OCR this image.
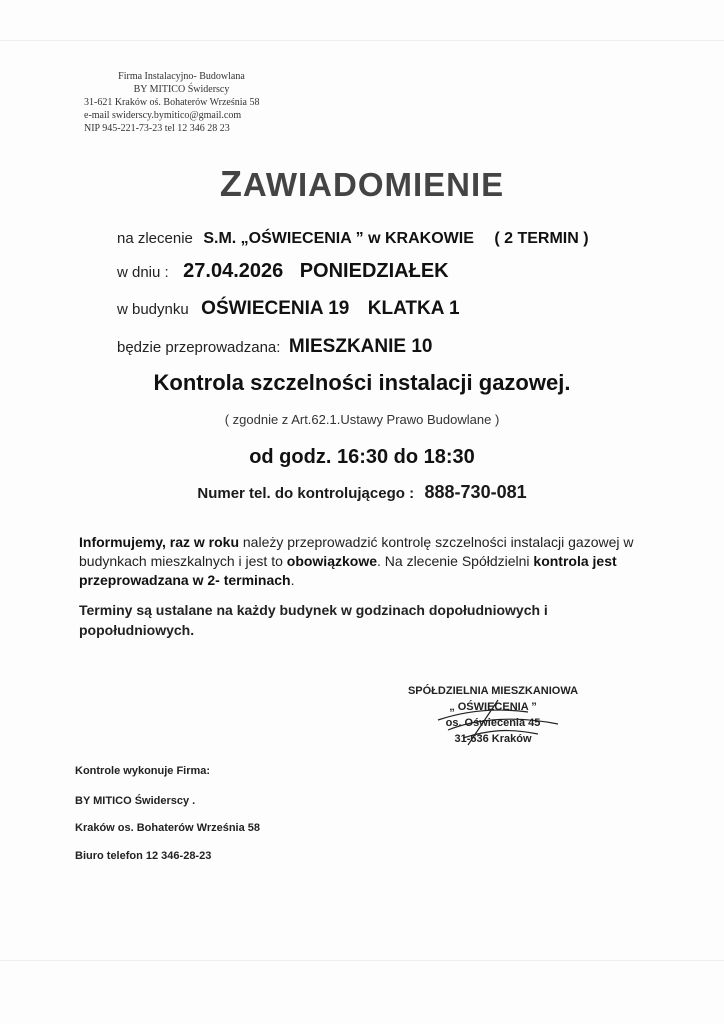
Firma Instalacyjno- Budowlana
BY MITICO Świderscy
31-621 Kraków oś. Bohaterów Września 58
e-mail swiderscy.bymitico@gmail.com
NIP 945-221-73-23 tel 12 346 28 23
ZAWIADOMIENIE
na zlecenie S.M. „OŚWIECENIA ” w KRAKOWIE ( 2 TERMIN )
w dniu : 27.04.2026 PONIEDZIAŁEK
w budynku OŚWIECENIA 19 KLATKA 1
będzie przeprowadzana: MIESZKANIE 10
Kontrola szczelności instalacji gazowej.
( zgodnie z Art.62.1.Ustawy Prawo Budowlane )
od godz. 16:30 do 18:30
Numer tel. do kontrolującego : 888-730-081
Informujemy, raz w roku należy przeprowadzić kontrolę szczelności instalacji gazowej w budynkach mieszkalnych i jest to obowiązkowe. Na zlecenie Spółdzielni kontrola jest przeprowadzana w 2- terminach.
Terminy są ustalane na każdy budynek w godzinach dopołudniowych i popołudniowych.
SPÓŁDZIELNIA MIESZKANIOWA
„ OŚWIECENIA ”
os. Oświecenia 45
31-636 Kraków
Kontrole wykonuje Firma:
BY MITICO Świderscy .
Kraków os. Bohaterów Września 58
Biuro telefon 12 346-28-23
